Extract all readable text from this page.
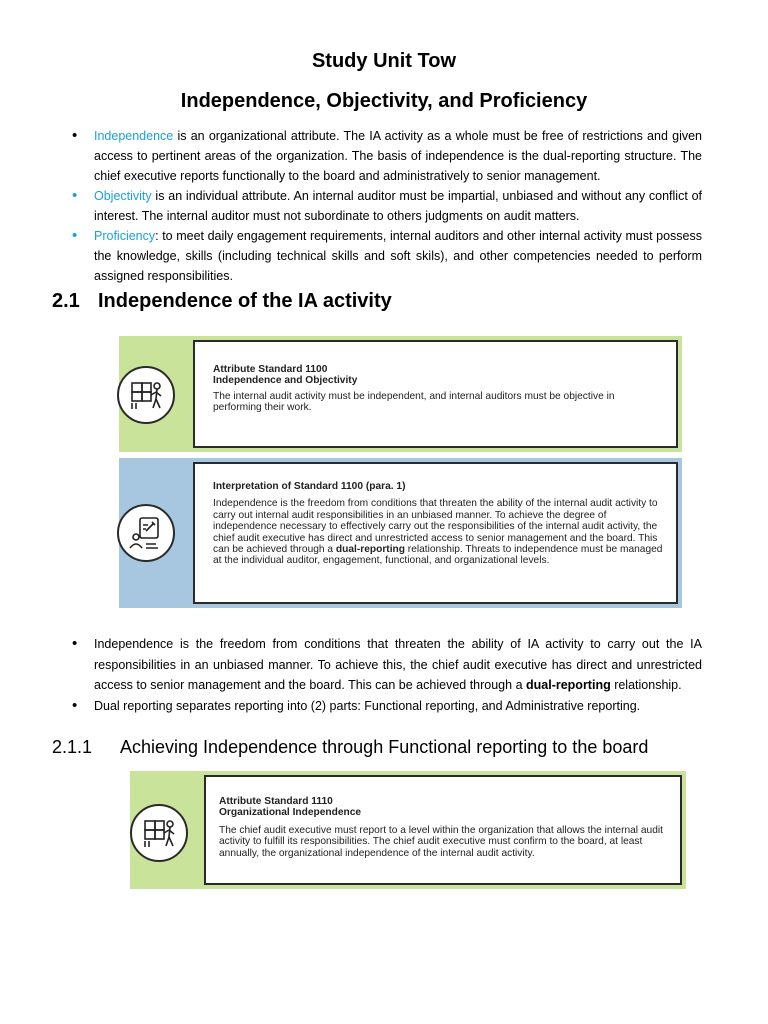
Study Unit Tow
Independence, Objectivity, and Proficiency
• Independence is an organizational attribute. The IA activity as a whole must be free of restrictions and given access to pertinent areas of the organization. The basis of independence is the dual-reporting structure. The chief executive reports functionally to the board and administratively to senior management.
• Objectivity is an individual attribute. An internal auditor must be impartial, unbiased and without any conflict of interest. The internal auditor must not subordinate to others judgments on audit matters.
• Proficiency: to meet daily engagement requirements, internal auditors and other internal activity must possess the knowledge, skills (including technical skills and soft skils), and other competencies needed to perform assigned responsibilities.
2.1 Independence of the IA activity
Attribute Standard 1100
Independence and Objectivity
The internal audit activity must be independent, and internal auditors must be objective in performing their work.
Interpretation of Standard 1100 (para. 1)
Independence is the freedom from conditions that threaten the ability of the internal audit activity to carry out internal audit responsibilities in an unbiased manner. To achieve the degree of independence necessary to effectively carry out the responsibilities of the internal audit activity, the chief audit executive has direct and unrestricted access to senior management and the board. This can be achieved through a dual-reporting relationship. Threats to independence must be managed at the individual auditor, engagement, functional, and organizational levels.
• Independence is the freedom from conditions that threaten the ability of IA activity to carry out the IA responsibilities in an unbiased manner. To achieve this, the chief audit executive has direct and unrestricted access to senior management and the board. This can be achieved through a dual-reporting relationship.
• Dual reporting separates reporting into (2) parts: Functional reporting, and Administrative reporting.
2.1.1 Achieving Independence through Functional reporting to the board
Attribute Standard 1110
Organizational Independence
The chief audit executive must report to a level within the organization that allows the internal audit activity to fulfill its responsibilities. The chief audit executive must confirm to the board, at least annually, the organizational independence of the internal audit activity.
